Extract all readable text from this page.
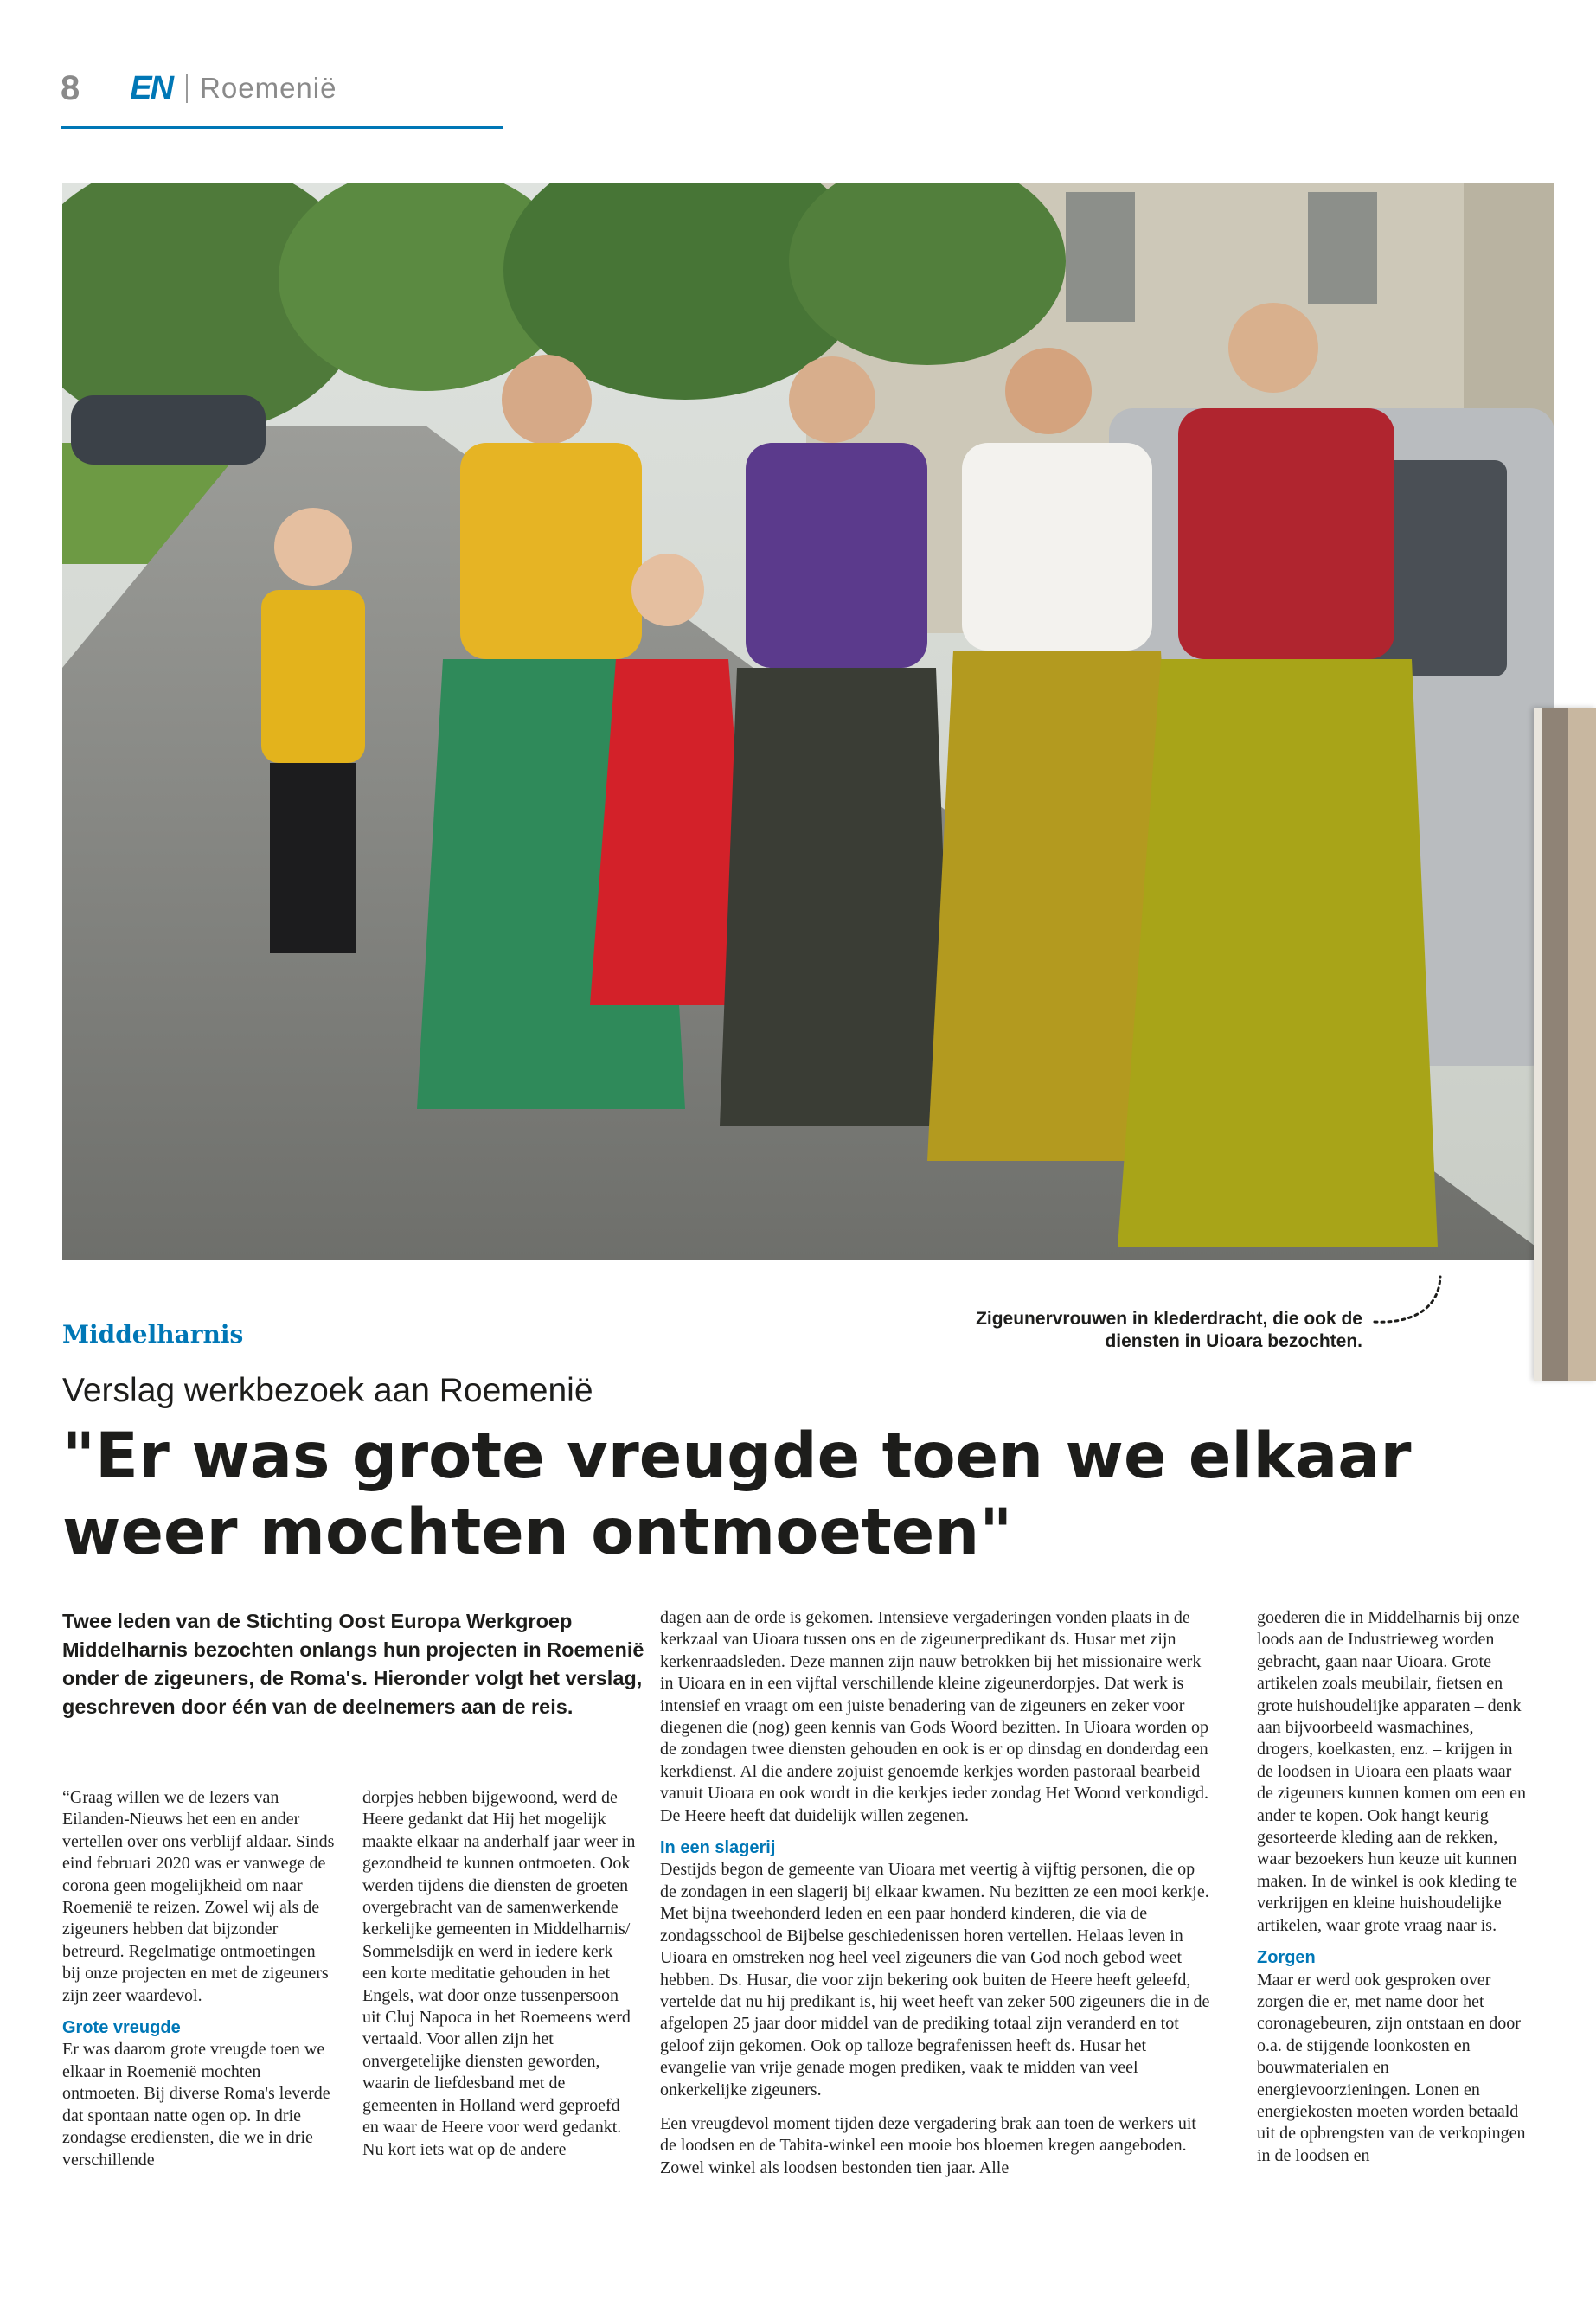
8 EN Roemenië
Zigeunervrouwen in klederdracht, die ook de diensten in Uioara bezochten.
Middelharnis
Verslag werkbezoek aan Roemenië
"Er was grote vreugde toen we elkaar weer mochten ontmoeten"
Twee leden van de Stichting Oost Europa Werkgroep Middelharnis bezochten onlangs hun projecten in Roemenië onder de zigeuners, de Roma's. Hieronder volgt het verslag, geschreven door één van de deelnemers aan de reis.

“Graag willen we de lezers van Eilanden-Nieuws het een en ander vertellen over ons verblijf aldaar. Sinds eind februari 2020 was er vanwege de corona geen mogelijkheid om naar Roemenië te reizen. Zowel wij als de zigeuners hebben dat bijzonder betreurd. Regelmatige ontmoetingen bij onze projecten en met de zigeuners zijn zeer waardevol.

Grote vreugde

Er was daarom grote vreugde toen we elkaar in Roemenië mochten ontmoeten. Bij diverse Roma's leverde dat spontaan natte ogen op. In drie zondagse erediensten, die we in drie verschillende

dorpjes hebben bijgewoond, werd de Heere gedankt dat Hij het mogelijk maakte elkaar na anderhalf jaar weer in gezondheid te kunnen ontmoeten. Ook werden tijdens die diensten de groeten overgebracht van de samenwerkende kerkelijke gemeenten in Middelharnis/ Sommelsdijk en werd in iedere kerk een korte meditatie gehouden in het Engels, wat door onze tussenpersoon uit Cluj Napoca in het Roemeens werd vertaald. Voor allen zijn het onvergetelijke diensten geworden, waarin de liefdesband met de gemeenten in Holland werd geproefd en waar de Heere voor werd gedankt.

Nu kort iets wat op de andere

dagen aan de orde is gekomen. Intensieve vergaderingen vonden plaats in de kerkzaal van Uioara tussen ons en de zigeunerpredikant ds. Husar met zijn kerkenraadsleden. Deze mannen zijn nauw betrokken bij het missionaire werk in Uioara en in een vijftal verschillende kleine zigeunerdorpjes. Dat werk is intensief en vraagt om een juiste benadering van de zigeuners en zeker voor diegenen die (nog) geen kennis van Gods Woord bezitten. In Uioara worden op de zondagen twee diensten gehouden en ook is er op dinsdag en donderdag een kerkdienst. Al die andere zojuist genoemde kerkjes worden pastoraal bearbeid vanuit Uioara en ook wordt in die kerkjes ieder zondag Het Woord verkondigd. De Heere heeft dat duidelijk willen zegenen.

In een slagerij

Destijds begon de gemeente van Uioara met veertig à vijftig personen, die op de zondagen in een slagerij bij elkaar kwamen. Nu bezitten ze een mooi kerkje. Met bijna tweehonderd leden en een paar honderd kinderen, die via de zondagsschool de Bijbelse geschiedenissen horen vertellen. Helaas leven in Uioara en omstreken nog heel veel zigeuners die van God noch gebod weet hebben. Ds. Husar, die voor zijn bekering ook buiten de Heere heeft geleefd, vertelde dat nu hij predikant is, hij weet heeft van zeker 500 zigeuners die in de afgelopen 25 jaar door middel van de prediking totaal zijn veranderd en tot geloof zijn gekomen. Ook op talloze begrafenissen heeft ds. Husar het evangelie van vrije genade mogen prediken, vaak te midden van veel onkerkelijke zigeuners.

Een vreugdevol moment tijden deze vergadering brak aan toen de werkers uit de loodsen en de Tabita-winkel een mooie bos bloemen kregen aangeboden. Zowel winkel als loodsen bestonden tien jaar. Alle

goederen die in Middelharnis bij onze loods aan de Industrieweg worden gebracht, gaan naar Uioara. Grote artikelen zoals meubilair, fietsen en grote huishoudelijke apparaten – denk aan bijvoorbeeld wasmachines, drogers, koelkasten, enz. – krijgen in de loodsen in Uioara een plaats waar de zigeuners kunnen komen om een en ander te kopen. Ook hangt keurig gesorteerde kleding aan de rekken, waar bezoekers hun keuze uit kunnen maken. In de winkel is ook kleding te verkrijgen en kleine huishoudelijke artikelen, waar grote vraag naar is.

Zorgen

Maar er werd ook gesproken over zorgen die er, met name door het coronagebeuren, zijn ontstaan en door o.a. de stijgende loonkosten en bouwmaterialen en energievoorzieningen. Lonen en energiekosten moeten worden betaald uit de opbrengsten van de verkopingen in de loodsen en
